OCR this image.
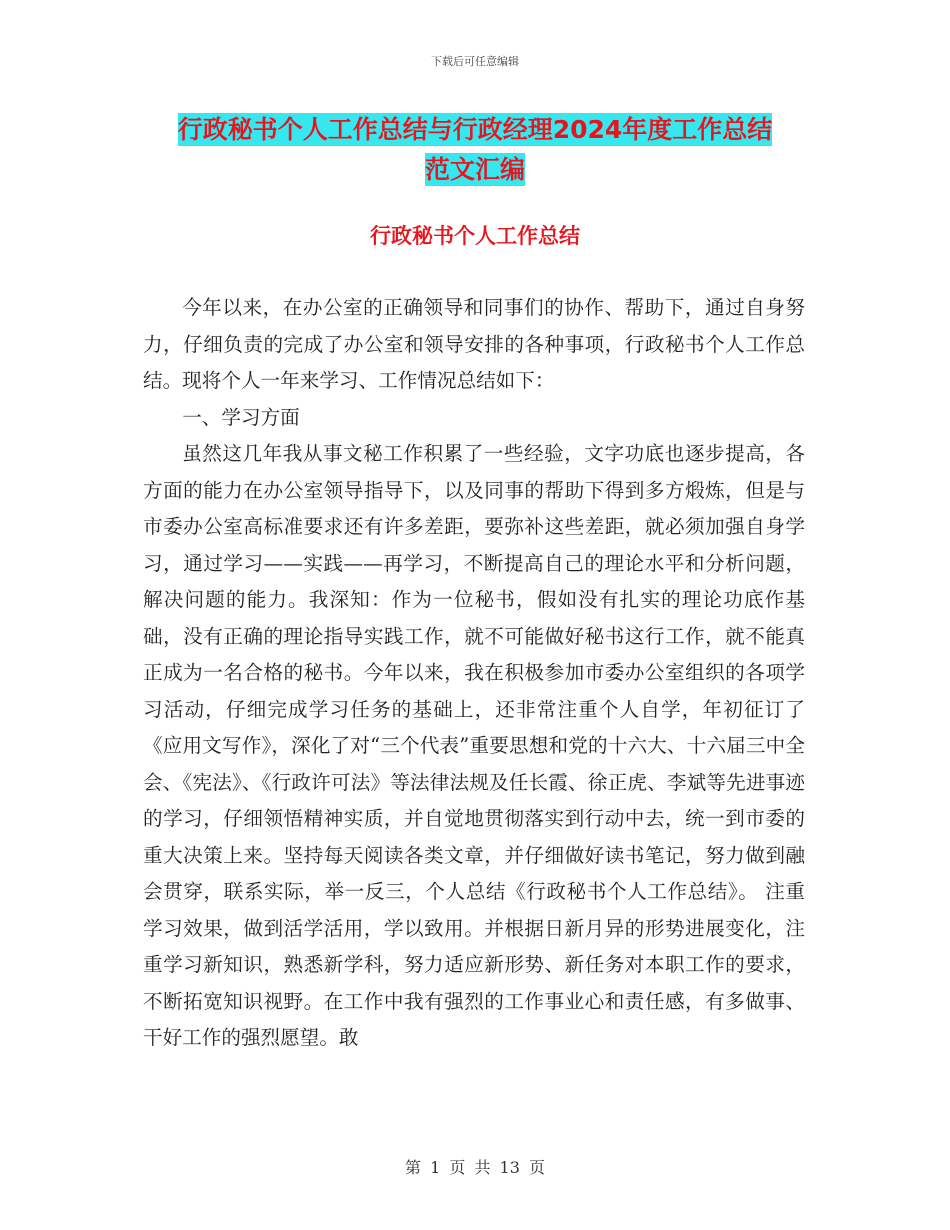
下载后可任意编辑
行政秘书个人工作总结与行政经理2024年度工作总结
范文汇编
行政秘书个人工作总结

今年以来，在办公室的正确领导和同事们的协作、帮助下，通过自身努力，仔细负责的完成了办公室和领导安排的各种事项，行政秘书个人工作总结。现将个人一年来学习、工作情况总结如下：

一、学习方面

虽然这几年我从事文秘工作积累了一些经验，文字功底也逐步提高，各方面的能力在办公室领导指导下，以及同事的帮助下得到多方煅炼，但是与市委办公室高标准要求还有许多差距，要弥补这些差距，就必须加强自身学习，通过学习——实践——再学习，不断提高自己的理论水平和分析问题，解决问题的能力。我深知：作为一位秘书，假如没有扎实的理论功底作基础，没有正确的理论指导实践工作，就不可能做好秘书这行工作，就不能真正成为一名合格的秘书。今年以来，我在积极参加市委办公室组织的各项学习活动，仔细完成学习任务的基础上，还非常注重个人自学，年初征订了《应用文写作》，深化了对“三个代表”重要思想和党的十六大、十六届三中全会、《宪法》、《行政许可法》等法律法规及任长霞、徐正虎、李斌等先进事迹的学习，仔细领悟精神实质，并自觉地贯彻落实到行动中去，统一到市委的重大决策上来。坚持每天阅读各类文章，并仔细做好读书笔记，努力做到融会贯穿，联系实际，举一反三，个人总结《行政秘书个人工作总结》。 注重学习效果，做到活学活用，学以致用。并根据日新月异的形势进展变化，注重学习新知识，熟悉新学科，努力适应新形势、新任务对本职工作的要求，不断拓宽知识视野。在工作中我有强烈的工作事业心和责任感，有多做事、干好工作的强烈愿望。敢

第 1 页 共 13 页
